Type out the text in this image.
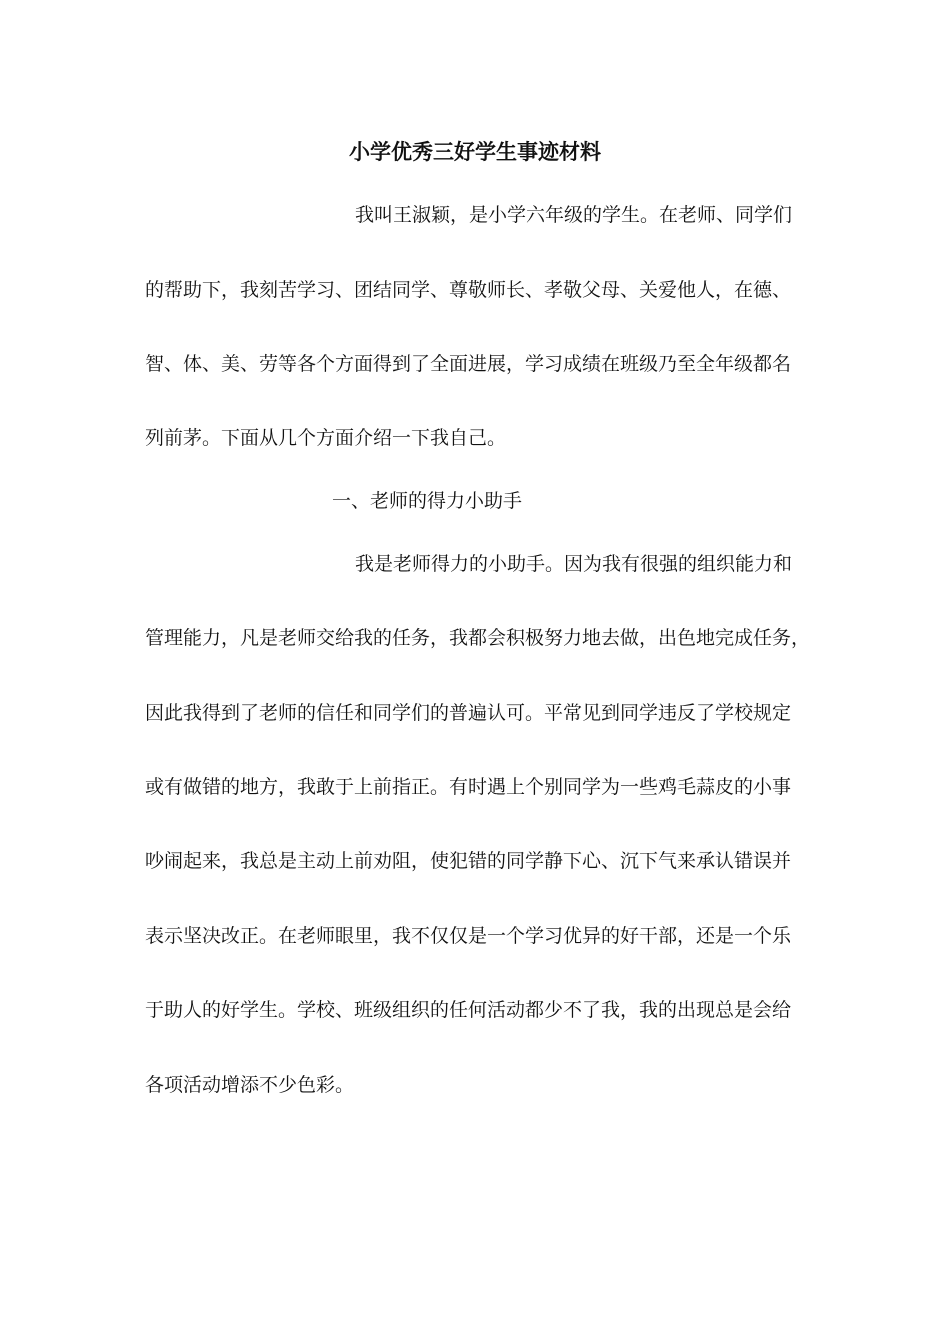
小学优秀三好学生事迹材料
我叫王淑颖，是小学六年级的学生。在老师、同学们
的帮助下，我刻苦学习、团结同学、尊敬师长、孝敬父母、关爱他人，在德、
智、体、美、劳等各个方面得到了全面进展，学习成绩在班级乃至全年级都名
列前茅。下面从几个方面介绍一下我自己。
一、老师的得力小助手
我是老师得力的小助手。因为我有很强的组织能力和
管理能力，凡是老师交给我的任务，我都会积极努力地去做，出色地完成任务，
因此我得到了老师的信任和同学们的普遍认可。平常见到同学违反了学校规定
或有做错的地方，我敢于上前指正。有时遇上个别同学为一些鸡毛蒜皮的小事
吵闹起来，我总是主动上前劝阻，使犯错的同学静下心、沉下气来承认错误并
表示坚决改正。在老师眼里，我不仅仅是一个学习优异的好干部，还是一个乐
于助人的好学生。学校、班级组织的任何活动都少不了我，我的出现总是会给
各项活动增添不少色彩。
